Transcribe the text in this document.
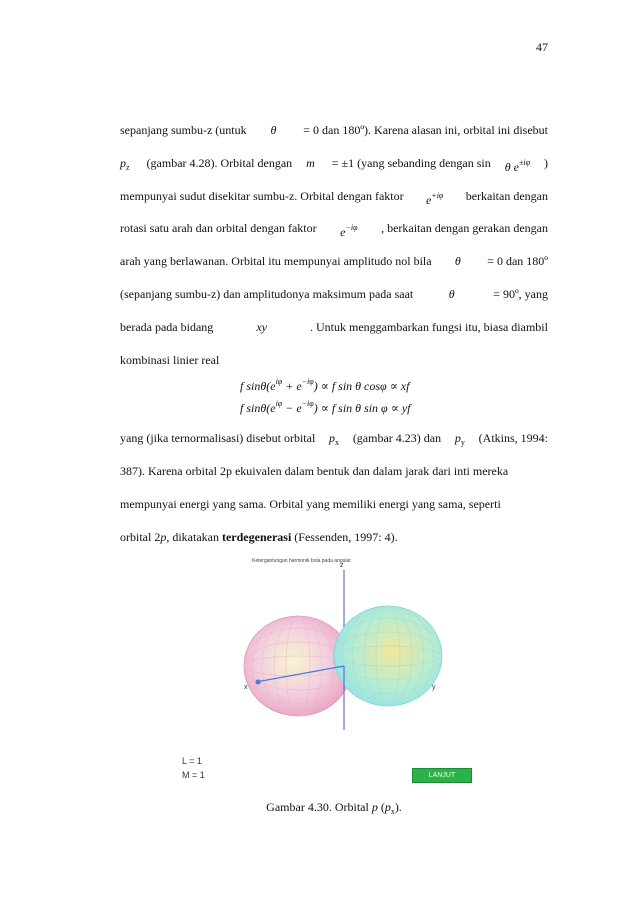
47
sepanjang sumbu-z (untuk θ = 0 dan 180º). Karena alasan ini, orbital ini disebut
$p_z$ (gambar 4.28). Orbital dengan m = ±1 (yang sebanding dengan sin θ $e^{\pm i\varphi}$ )
mempunyai sudut disekitar sumbu-z. Orbital dengan faktor $e^{+i\varphi}$ berkaitan dengan
rotasi satu arah dan orbital dengan faktor $e^{-i\varphi}$ , berkaitan dengan gerakan dengan
arah yang berlawanan. Orbital itu mempunyai amplitudo nol bila θ = 0 dan 180º
(sepanjang sumbu-z) dan amplitudonya maksimum pada saat	θ	= 90º, yang
berada pada bidang	xy	. Untuk menggambarkan fungsi itu, biasa diambil
kombinasi linier real
f $\sin\theta(e^{i\varphi} + e^{-i\varphi}) \propto f$ sin θ cosφ ∝ xf
f $\sin\theta(e^{i\varphi} - e^{-i\varphi}) \propto f$ sin θ sin φ ∝ yf
yang (jika ternormalisasi) disebut orbital $p_x$ (gambar 4.23) dan $p_y$ (Atkins, 1994:
387). Karena orbital 2p ekuivalen dalam bentuk dan dalam jarak dari inti mereka
mempunyai energi yang sama. Orbital yang memiliki energi yang sama, seperti
orbital 2p, dikatakan terdegenerasi (Fessenden, 1997: 4).
Ketergantungan harmonik bola pada angular
z
x	y
L = 1
M = 1	LANJUT
Gambar 4.30. Orbital p $(p_x)$.
